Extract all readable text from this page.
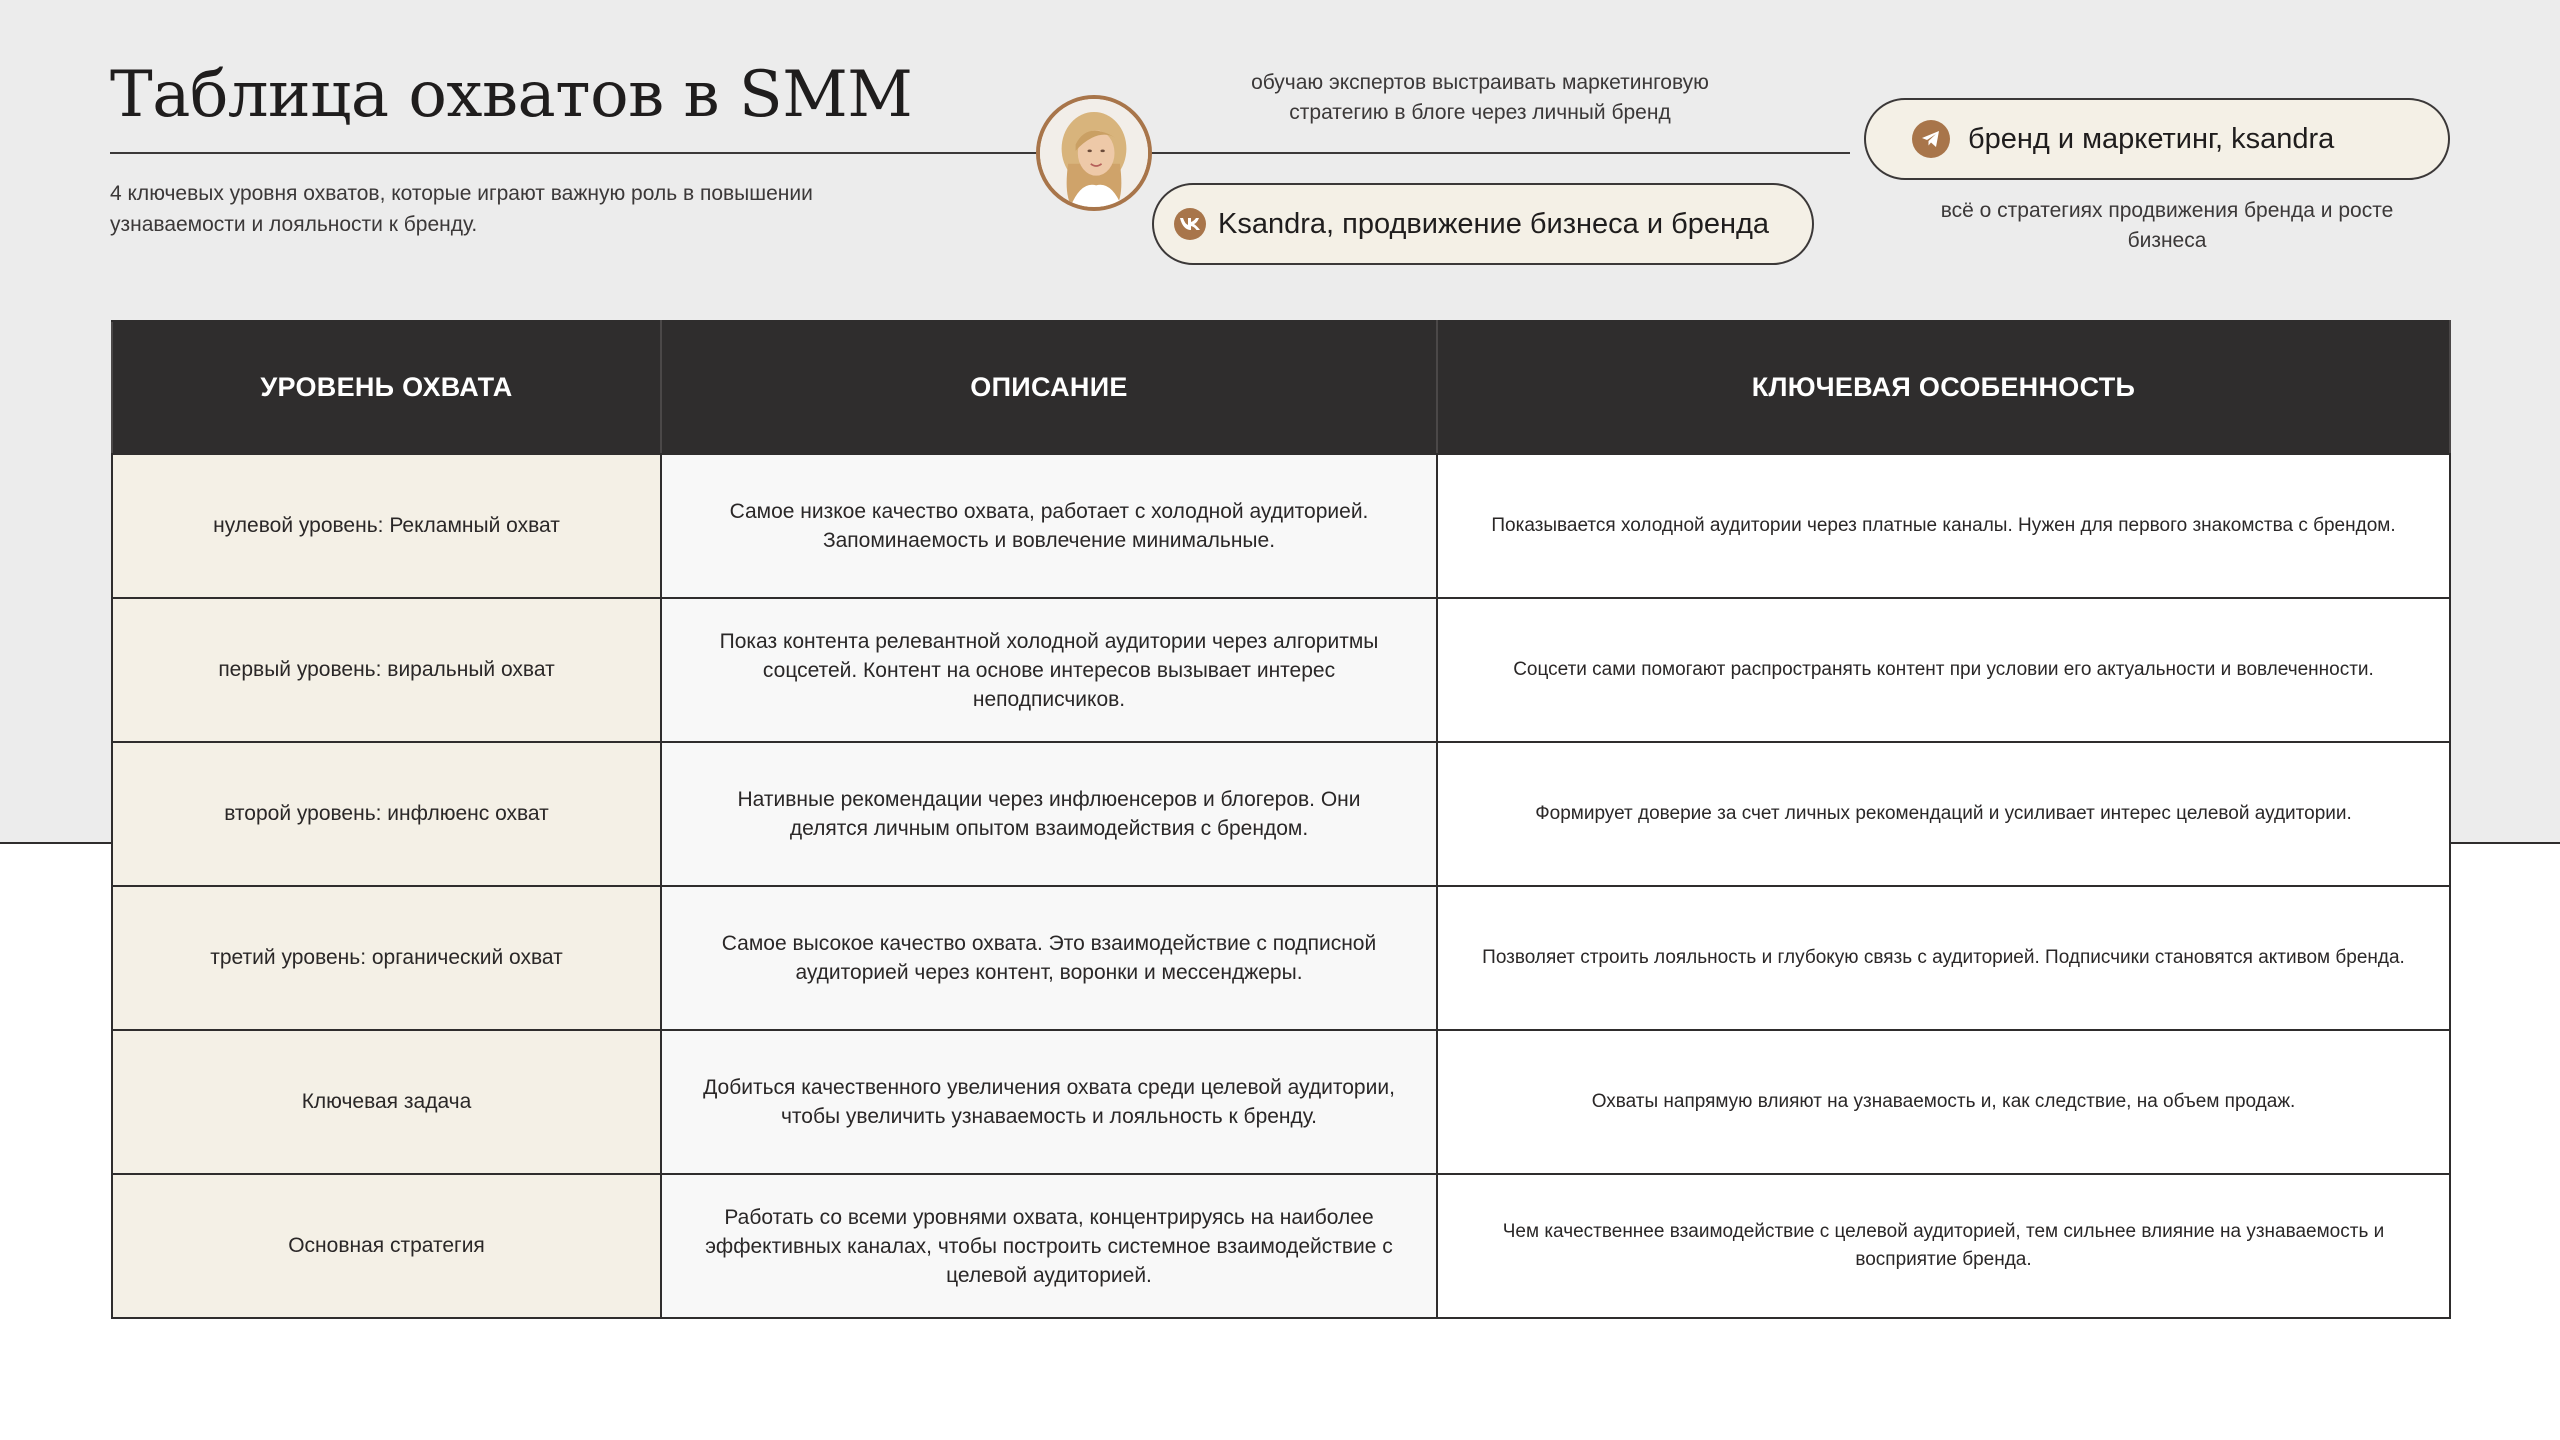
Таблица охватов в SMM

4 ключевых уровня охватов, которые играют важную роль в повышении узнаваемости и лояльности к бренду.

обучаю экспертов выстраивать маркетинговую стратегию в блоге через личный бренд

Ksandra, продвижение бизнеса и бренда
бренд и маркетинг, ksandra

всё о стратегиях продвижения бренда и росте бизнеса

УРОВЕНЬ ОХВАТА	ОПИСАНИЕ	КЛЮЧЕВАЯ ОСОБЕННОСТЬ
нулевой уровень: Рекламный охват	Самое низкое качество охвата, работает с холодной аудиторией. Запоминаемость и вовлечение минимальные.	Показывается холодной аудитории через платные каналы. Нужен для первого знакомства с брендом.
первый уровень: виральный охват	Показ контента релевантной холодной аудитории через алгоритмы соцсетей. Контент на основе интересов вызывает интерес неподписчиков.	Соцсети сами помогают распространять контент при условии его актуальности и вовлеченности.
второй уровень: инфлюенс охват	Нативные рекомендации через инфлюенсеров и блогеров. Они делятся личным опытом взаимодействия с брендом.	Формирует доверие за счет личных рекомендаций и усиливает интерес целевой аудитории.
третий уровень: органический охват	Самое высокое качество охвата. Это взаимодействие с подписной аудиторией через контент, воронки и мессенджеры.	Позволяет строить лояльность и глубокую связь с аудиторией. Подписчики становятся активом бренда.
Ключевая задача	Добиться качественного увеличения охвата среди целевой аудитории, чтобы увеличить узнаваемость и лояльность к бренду.	Охваты напрямую влияют на узнаваемость и, как следствие, на объем продаж.
Основная стратегия	Работать со всеми уровнями охвата, концентрируясь на наиболее эффективных каналах, чтобы построить системное взаимодействие с целевой аудиторией.	Чем качественнее взаимодействие с целевой аудиторией, тем сильнее влияние на узнаваемость и восприятие бренда.
